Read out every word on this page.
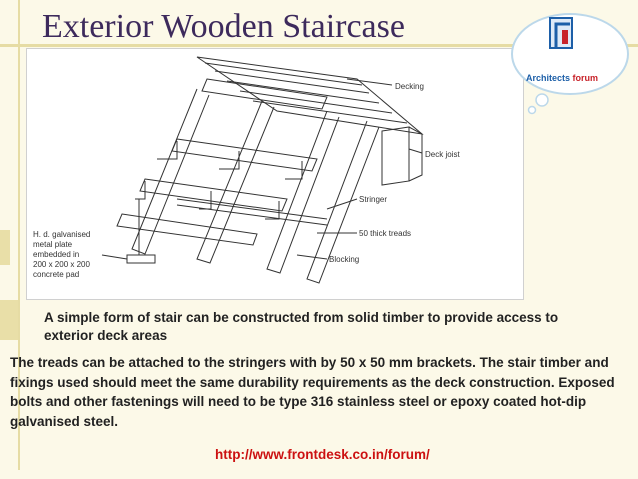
Exterior Wooden Staircase
Decking
Deck joist
Stringer
50 thick treads
Blocking
H. d. galvanised
metal plate
embedded in
200 x 200 x 200
concrete pad
Architects forum

A simple form of stair can be constructed from solid timber to provide access to exterior deck areas

The treads can be attached to the stringers with by 50 x 50 mm brackets. The stair timber and fixings used should meet the same durability requirements as the deck construction. Exposed bolts and other fastenings will need to be type 316 stainless steel or epoxy coated hot-dip galvanised steel.

http://www.frontdesk.co.in/forum/
